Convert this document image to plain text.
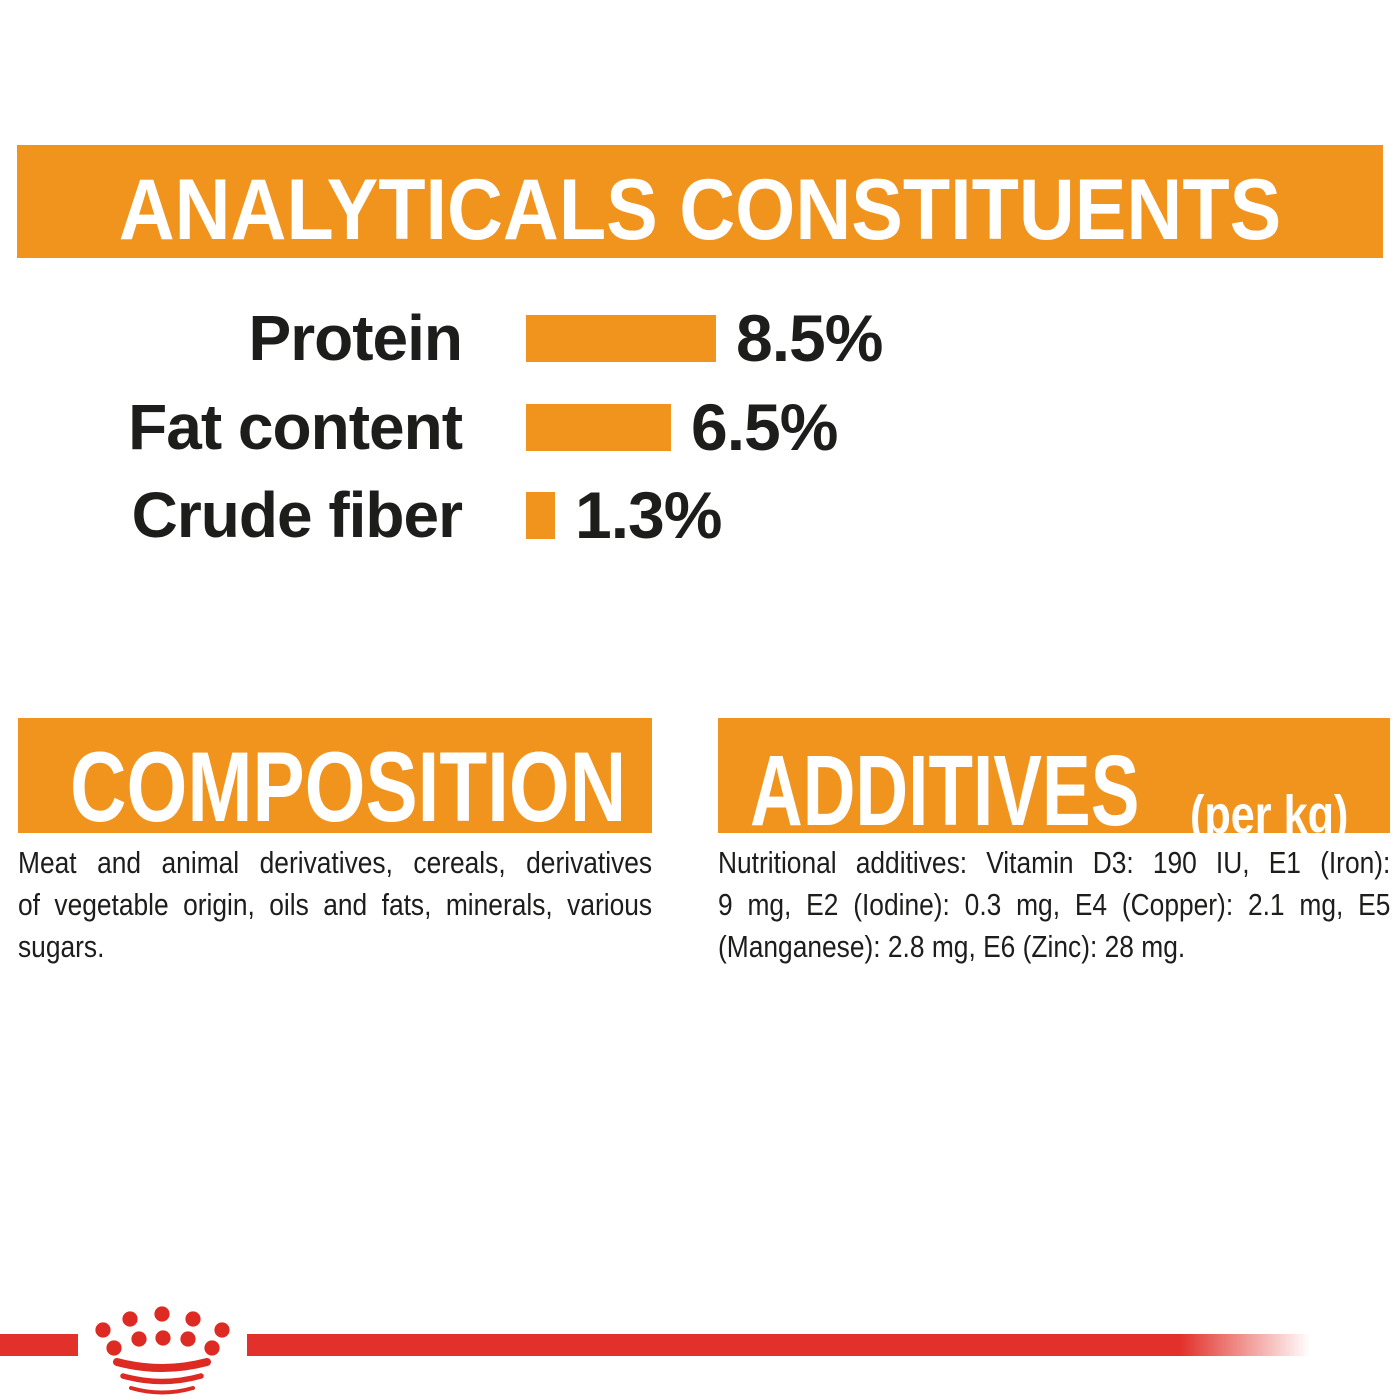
ANALYTICALS CONSTITUENTS
Protein	8.5%
Fat content	6.5%
Crude fiber 1.3%
COMPOSITION
Meat and animal derivatives, cereals, derivatives
of vegetable origin, oils and fats, minerals, various
sugars.
ADDITIVES (per kg)
Nutritional additives: Vitamin D3: 190 IU, E1 (Iron):
9 mg, E2 (Iodine): 0.3 mg, E4 (Copper): 2.1 mg, E5
(Manganese): 2.8 mg, E6 (Zinc): 28 mg.
